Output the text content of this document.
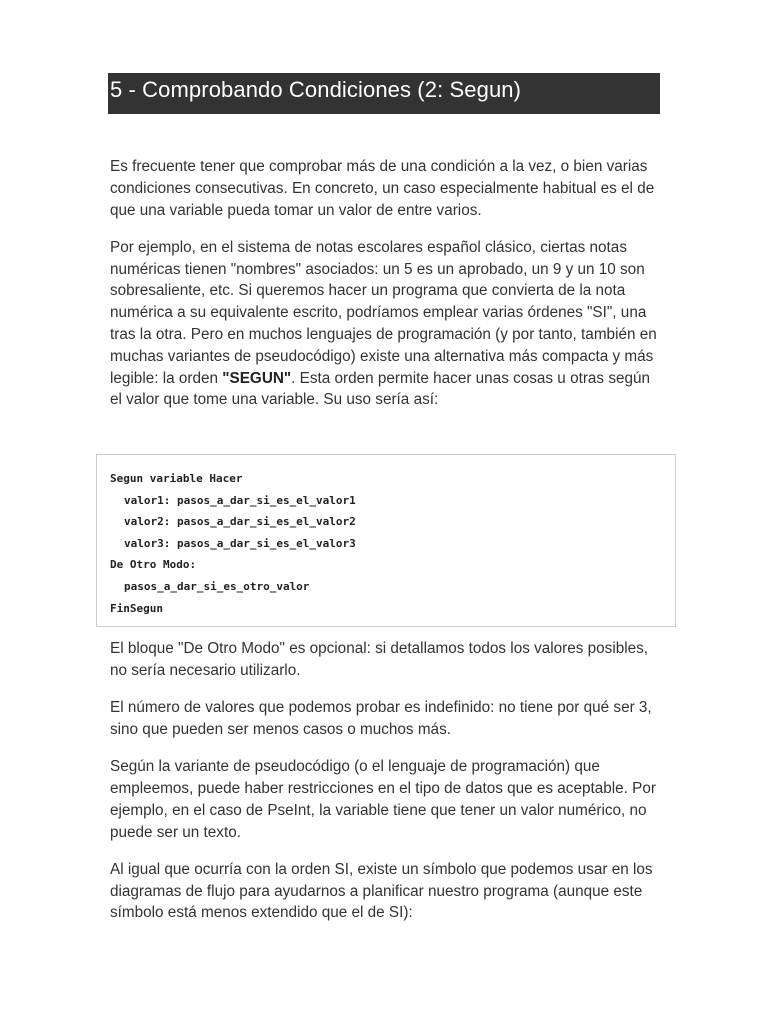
5 - Comprobando Condiciones (2: Segun)

Es frecuente tener que comprobar más de una condición a la vez, o bien varias condiciones consecutivas. En concreto, un caso especialmente habitual es el de que una variable pueda tomar un valor de entre varios.

Por ejemplo, en el sistema de notas escolares español clásico, ciertas notas numéricas tienen "nombres" asociados: un 5 es un aprobado, un 9 y un 10 son sobresaliente, etc. Si queremos hacer un programa que convierta de la nota numérica a su equivalente escrito, podríamos emplear varias órdenes "SI", una tras la otra. Pero en muchos lenguajes de programación (y por tanto, también en muchas variantes de pseudocódigo) existe una alternativa más compacta y más legible: la orden "SEGUN". Esta orden permite hacer unas cosas u otras según el valor que tome una variable. Su uso sería así:

Segun variable Hacer
valor1: pasos_a_dar_si_es_el_valor1
valor2: pasos_a_dar_si_es_el_valor2
valor3: pasos_a_dar_si_es_el_valor3
De Otro Modo:
pasos_a_dar_si_es_otro_valor
FinSegun

El bloque "De Otro Modo" es opcional: si detallamos todos los valores posibles, no sería necesario utilizarlo.

El número de valores que podemos probar es indefinido: no tiene por qué ser 3, sino que pueden ser menos casos o muchos más.

Según la variante de pseudocódigo (o el lenguaje de programación) que empleemos, puede haber restricciones en el tipo de datos que es aceptable. Por ejemplo, en el caso de PseInt, la variable tiene que tener un valor numérico, no puede ser un texto.

Al igual que ocurría con la orden SI, existe un símbolo que podemos usar en los diagramas de flujo para ayudarnos a planificar nuestro programa (aunque este símbolo está menos extendido que el de SI):
